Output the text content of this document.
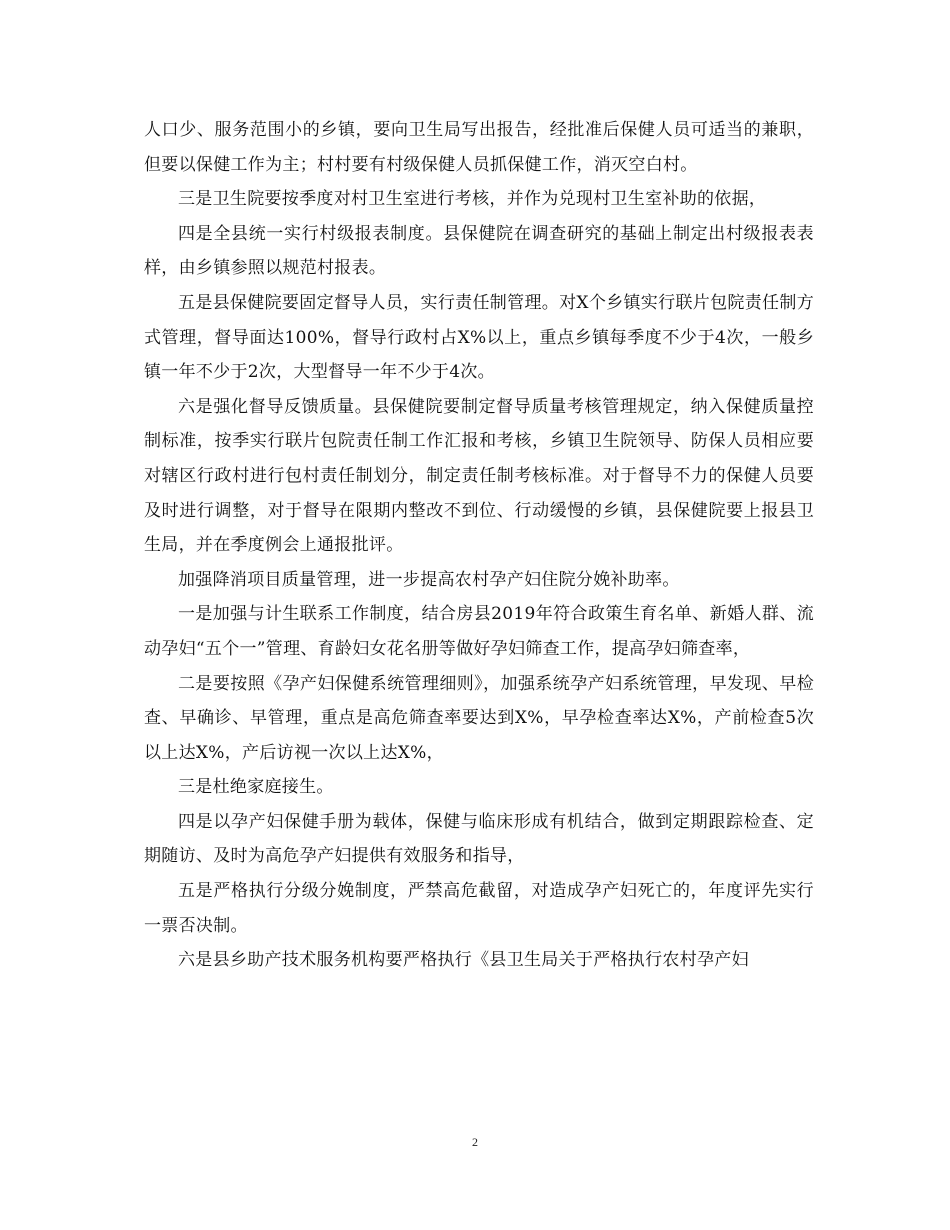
人口少、服务范围小的乡镇，要向卫生局写出报告，经批准后保健人员可适当的兼职，但要以保健工作为主；村村要有村级保健人员抓保健工作，消灭空白村。

三是卫生院要按季度对村卫生室进行考核，并作为兑现村卫生室补助的依据，

四是全县统一实行村级报表制度。县保健院在调查研究的基础上制定出村级报表表样，由乡镇参照以规范村报表。

五是县保健院要固定督导人员，实行责任制管理。对X个乡镇实行联片包院责任制方式管理，督导面达100%，督导行政村占X%以上，重点乡镇每季度不少于4次，一般乡镇一年不少于2次，大型督导一年不少于4次。

六是强化督导反馈质量。县保健院要制定督导质量考核管理规定，纳入保健质量控制标准，按季实行联片包院责任制工作汇报和考核，乡镇卫生院领导、防保人员相应要对辖区行政村进行包村责任制划分，制定责任制考核标准。对于督导不力的保健人员要及时进行调整，对于督导在限期内整改不到位、行动缓慢的乡镇，县保健院要上报县卫生局，并在季度例会上通报批评。

加强降消项目质量管理，进一步提高农村孕产妇住院分娩补助率。

一是加强与计生联系工作制度，结合房县2019年符合政策生育名单、新婚人群、流动孕妇“五个一”管理、育龄妇女花名册等做好孕妇筛查工作，提高孕妇筛查率，

二是要按照《孕产妇保健系统管理细则》，加强系统孕产妇系统管理，早发现、早检查、早确诊、早管理，重点是高危筛查率要达到X%，早孕检查率达X%，产前检查5次以上达X%，产后访视一次以上达X%，

三是杜绝家庭接生。

四是以孕产妇保健手册为载体，保健与临床形成有机结合，做到定期跟踪检查、定期随访、及时为高危孕产妇提供有效服务和指导，

五是严格执行分级分娩制度，严禁高危截留，对造成孕产妇死亡的，年度评先实行一票否决制。

六是县乡助产技术服务机构要严格执行《县卫生局关于严格执行农村孕产妇

2
